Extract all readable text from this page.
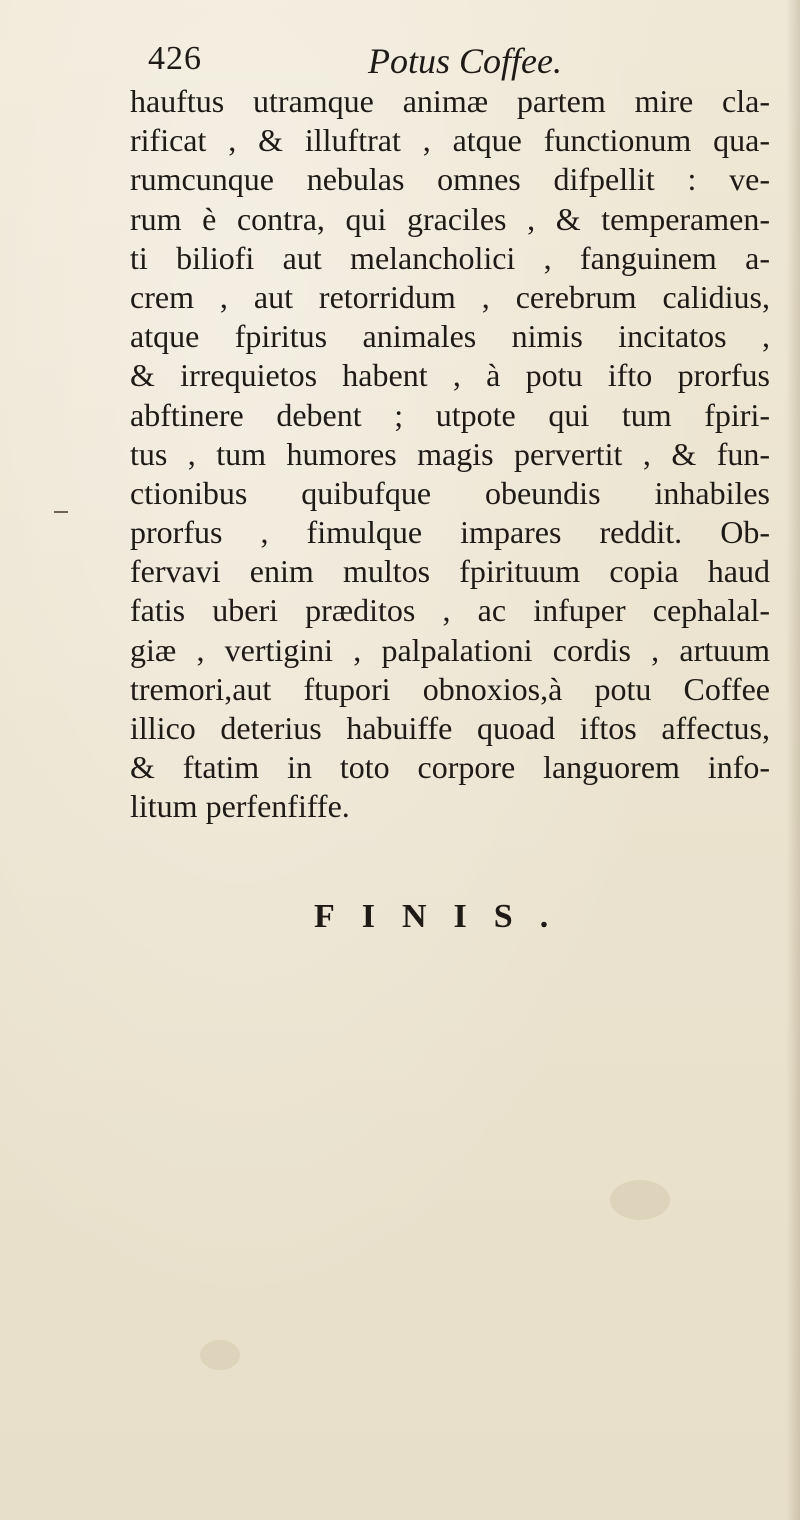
426	Potus Coffee.
hauftus utramque animæ partem mire cla-
rificat , & illuftrat , atque functionum qua-
rumcunque nebulas omnes difpellit : ve-
rum è contra, qui graciles , & temperamen-
ti biliofi aut melancholici , fanguinem a-
crem , aut retorridum , cerebrum calidius,
atque fpiritus animales nimis incitatos ,
& irrequietos habent , à potu ifto prorfus
abftinere debent ; utpote qui tum fpiri-
tus , tum humores magis pervertit , & fun-
ctionibus quibufque obeundis inhabiles
prorfus , fimulque impares reddit. Ob-
fervavi enim multos fpirituum copia haud
fatis uberi præditos , ac infuper cephalal-
giæ , vertigini , palpalationi cordis , artuum
tremori,aut ftupori obnoxios,à potu Coffee
illico deterius habuiffe quoad iftos affectus,
& ftatim in toto corpore languorem info-
litum perfenfiffe.
FINIS.
